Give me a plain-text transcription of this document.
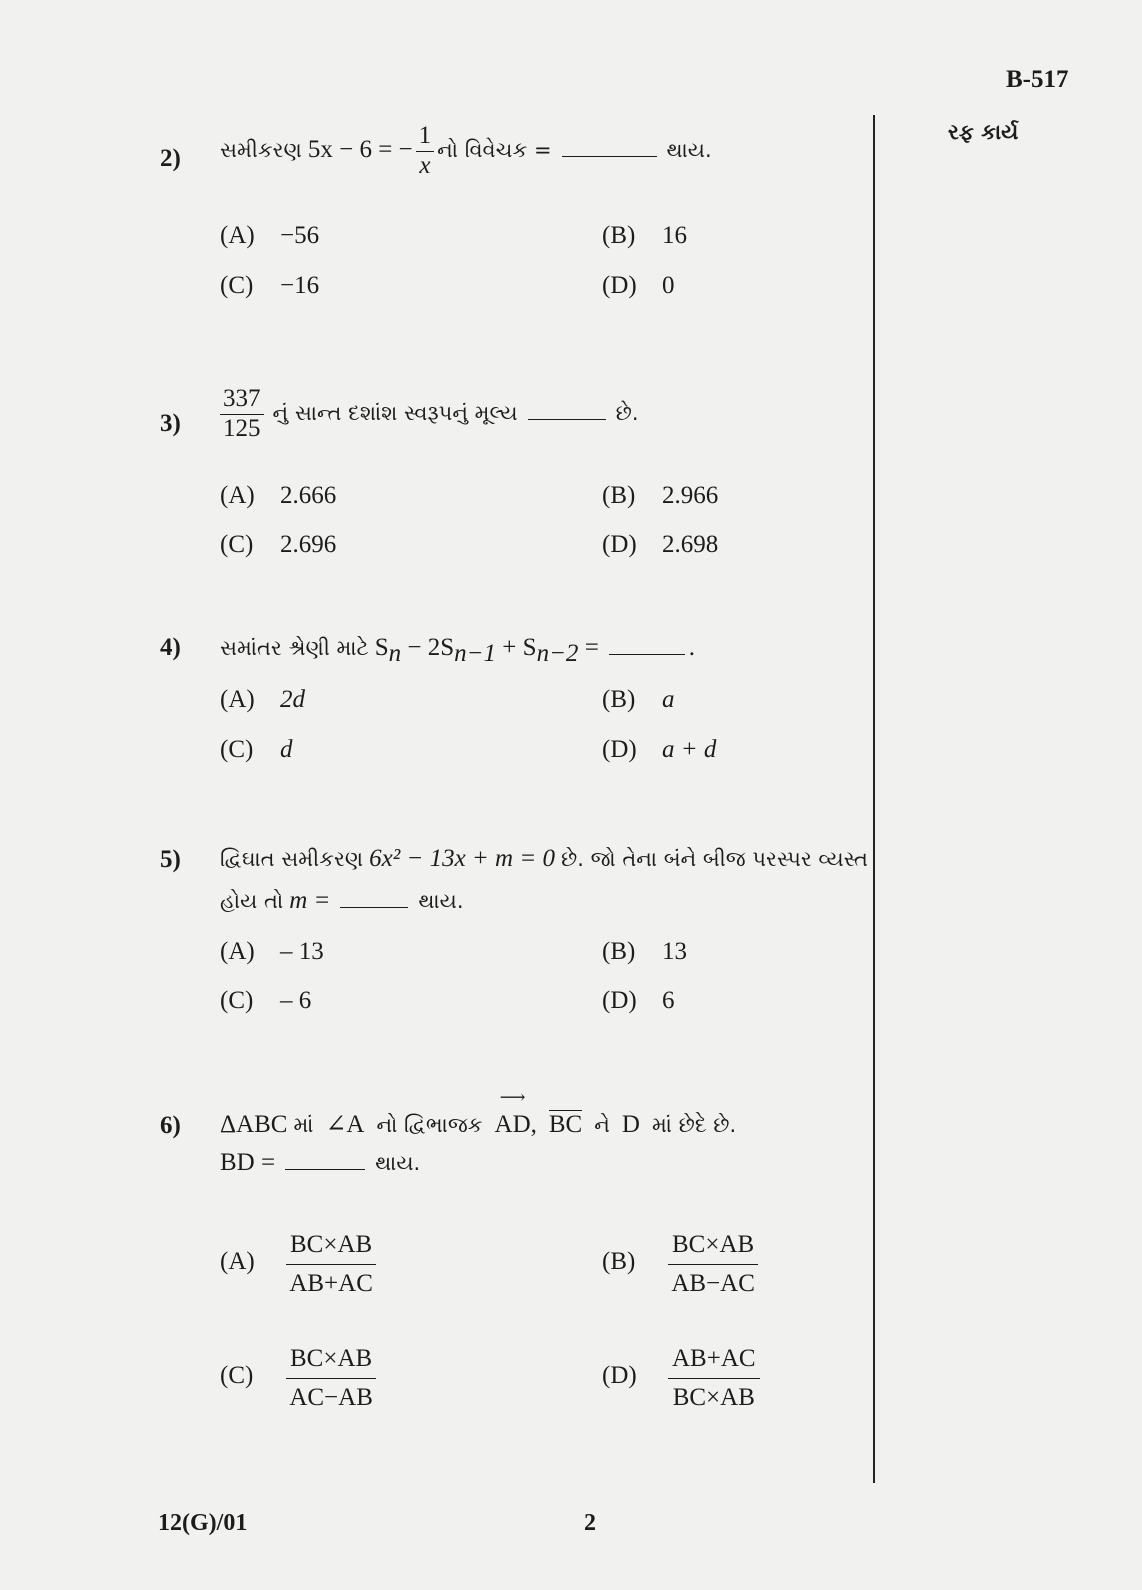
B-517
રફ કાર્ય
2) સમીકરણ 5x − 6 = − $\frac{1}{x}$ નો વિવેચક =	થાય.
(A) −56	(B) 16
(C) −16	(D) 0
$3) \frac{337}{125}$ નું સાન્ત દશાંશ સ્વરૂપનું મૂલ્ય	છે.
(A) 2.666	(B) 2.966
(C) 2.696	(D) 2.698
4) સમાંતર શ્રેણી માટે $S_n - 2S_{n-1} + S_{n-2}$ =	.
(A) 2d	(B) a
(C) d	(D) a + d
5) દ્વિઘાત સમીકરણ 6x² − 13x + m = 0 છે. જો તેના બંને બીજ પરસ્પર વ્યસ્ત
હોય તો m =	થાય.
(A) – 13	(B) 13
(C) – 6	(D) 6
6) ΔABC માં ∠A નો દ્વિભાજક
⟶
AD, BC ને D માં છેદે છે.
BD =	થાય.
$(A) \frac{BC\times AB}{AB+AC}$	$(B) \frac{BC\times AB}{AB-AC}$
$(C) \frac{BC\times AB}{AC-AB}$	$(D) \frac{AB+AC}{BC\times AB}$
12(G)/01	2
